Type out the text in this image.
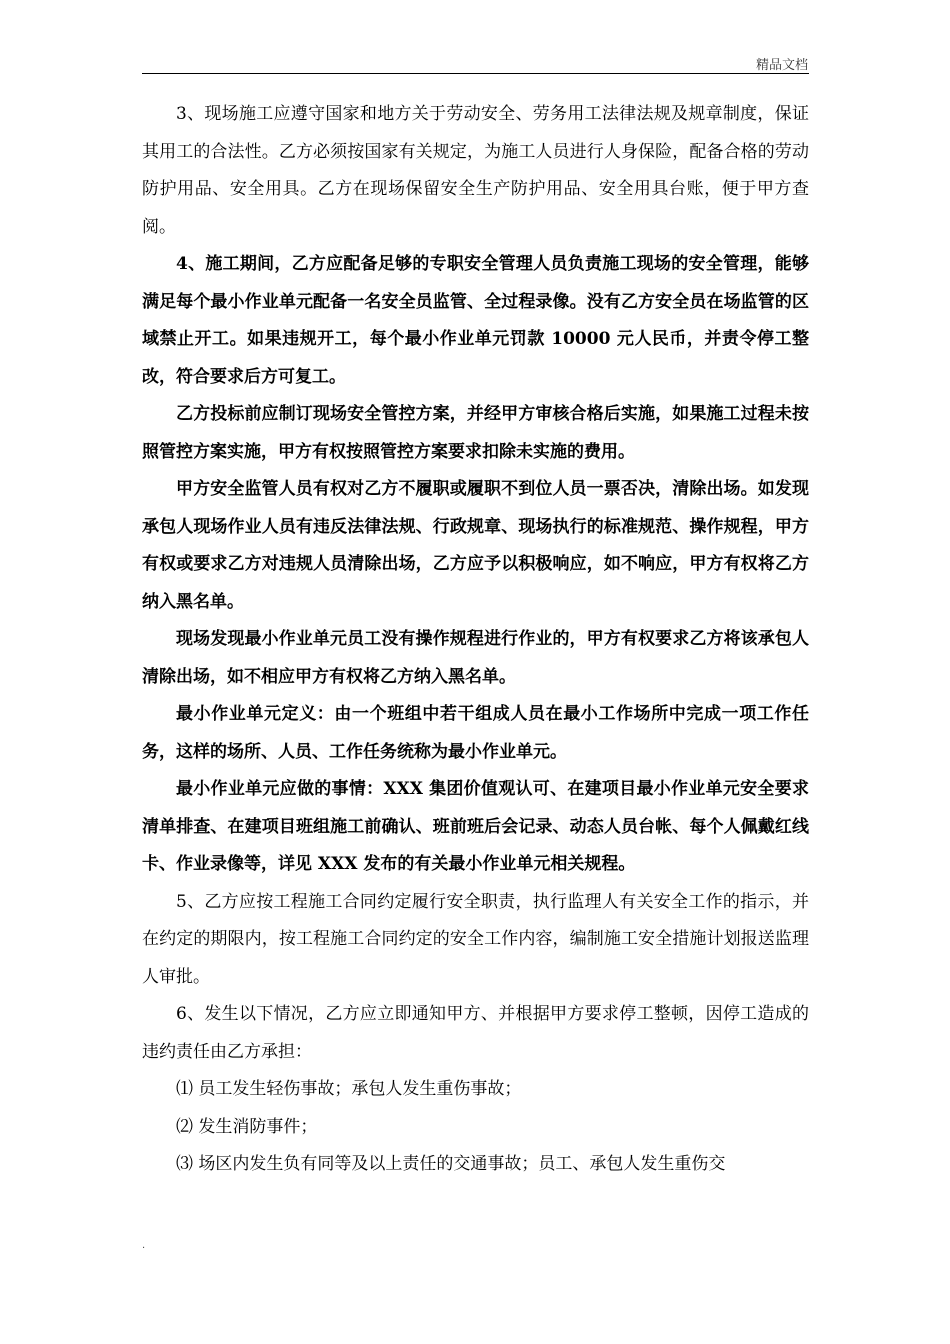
精品文档

3、现场施工应遵守国家和地方关于劳动安全、劳务用工法律法规及规章制度，保证其用工的合法性。乙方必须按国家有关规定，为施工人员进行人身保险，配备合格的劳动防护用品、安全用具。乙方在现场保留安全生产防护用品、安全用具台账，便于甲方查阅。

4、施工期间，乙方应配备足够的专职安全管理人员负责施工现场的安全管理，能够满足每个最小作业单元配备一名安全员监管、全过程录像。没有乙方安全员在场监管的区域禁止开工。如果违规开工，每个最小作业单元罚款 10000 元人民币，并责令停工整改，符合要求后方可复工。

乙方投标前应制订现场安全管控方案，并经甲方审核合格后实施，如果施工过程未按照管控方案实施，甲方有权按照管控方案要求扣除未实施的费用。

甲方安全监管人员有权对乙方不履职或履职不到位人员一票否决，清除出场。如发现承包人现场作业人员有违反法律法规、行政规章、现场执行的标准规范、操作规程，甲方有权或要求乙方对违规人员清除出场，乙方应予以积极响应，如不响应，甲方有权将乙方纳入黑名单。

现场发现最小作业单元员工没有操作规程进行作业的，甲方有权要求乙方将该承包人清除出场，如不相应甲方有权将乙方纳入黑名单。

最小作业单元定义：由一个班组中若干组成人员在最小工作场所中完成一项工作任务，这样的场所、人员、工作任务统称为最小作业单元。

最小作业单元应做的事情：XXX 集团价值观认可、在建项目最小作业单元安全要求清单排查、在建项目班组施工前确认、班前班后会记录、动态人员台帐、每个人佩戴红线卡、作业录像等，详见 XXX 发布的有关最小作业单元相关规程。

5、乙方应按工程施工合同约定履行安全职责，执行监理人有关安全工作的指示，并在约定的期限内，按工程施工合同约定的安全工作内容，编制施工安全措施计划报送监理人审批。

6、发生以下情况，乙方应立即通知甲方、并根据甲方要求停工整顿，因停工造成的违约责任由乙方承担：

⑴ 员工发生轻伤事故；承包人发生重伤事故；

⑵ 发生消防事件；

⑶ 场区内发生负有同等及以上责任的交通事故；员工、承包人发生重伤交

.
